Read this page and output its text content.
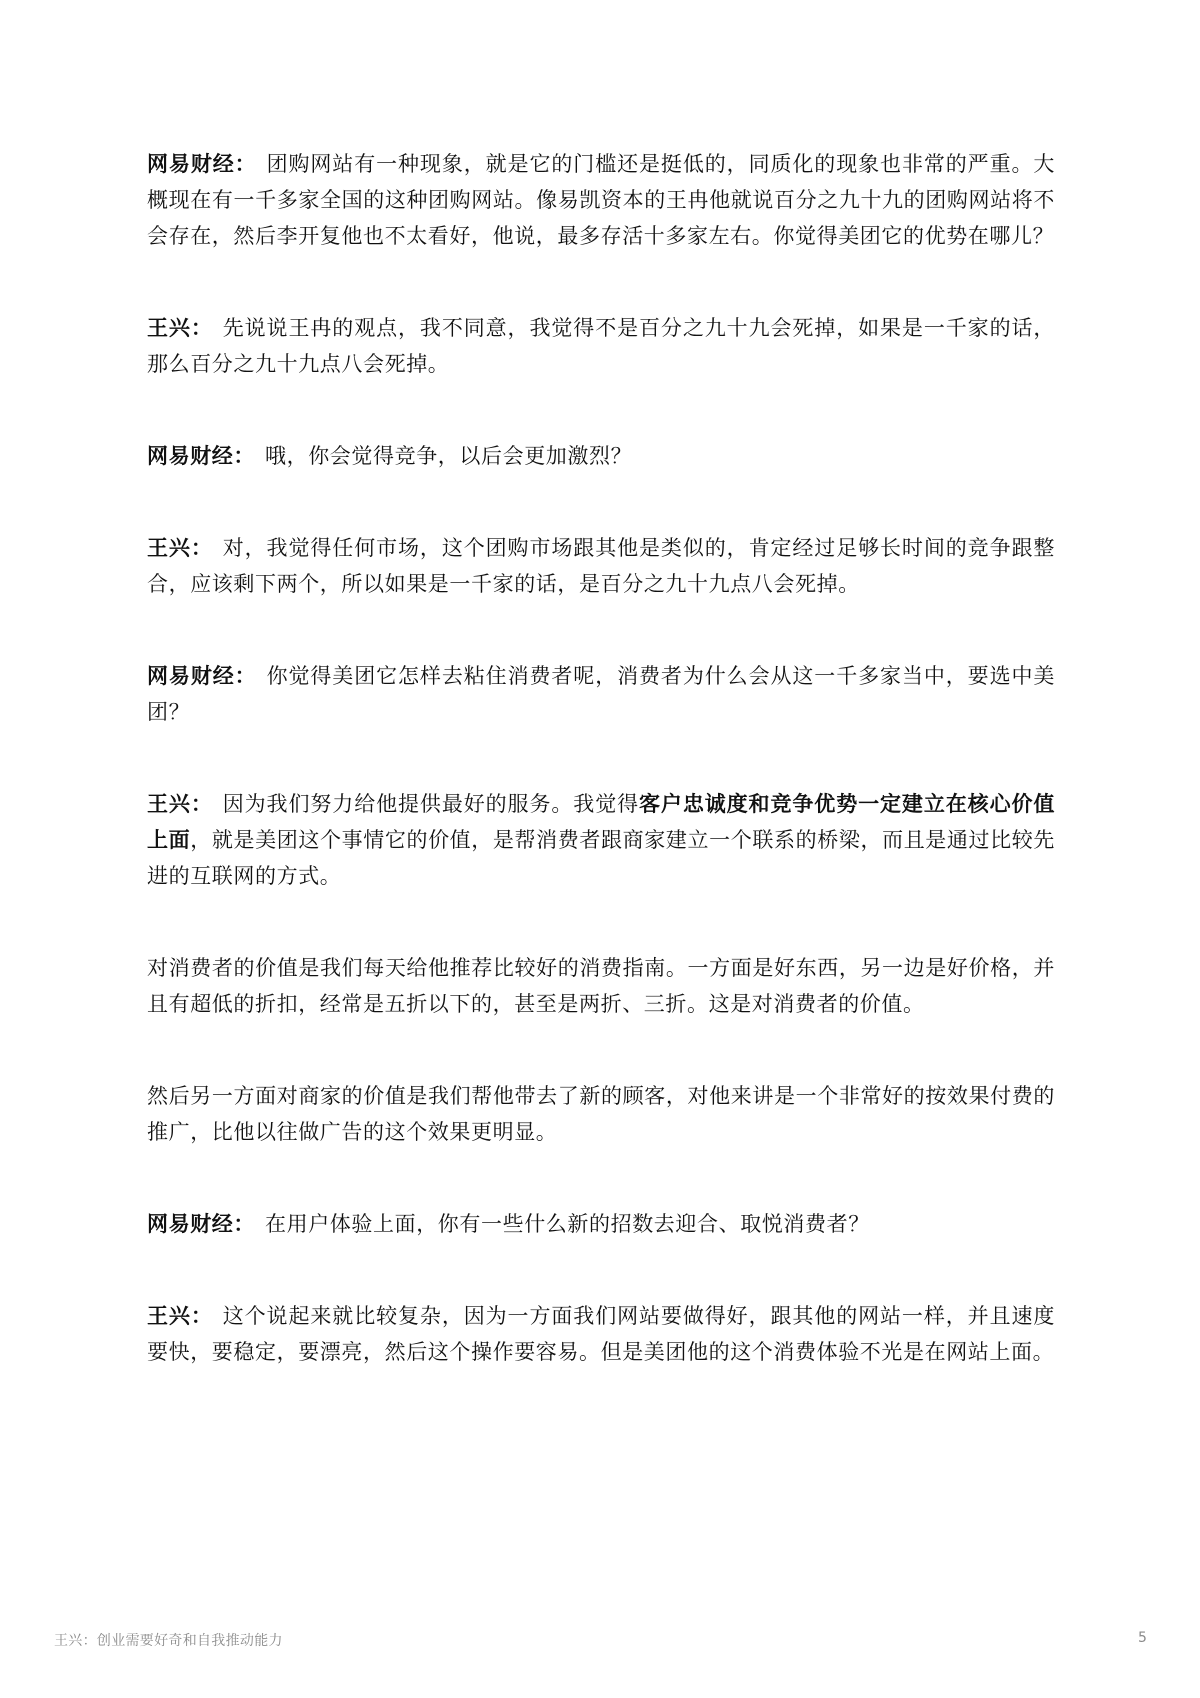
网易财经： 团购网站有一种现象，就是它的门槛还是挺低的，同质化的现象也非常的严重。大概现在有一千多家全国的这种团购网站。像易凯资本的王冉他就说百分之九十九的团购网站将不会存在，然后李开复他也不太看好，他说，最多存活十多家左右。你觉得美团它的优势在哪儿？

王兴： 先说说王冉的观点，我不同意，我觉得不是百分之九十九会死掉，如果是一千家的话，那么百分之九十九点八会死掉。

网易财经： 哦，你会觉得竞争，以后会更加激烈？

王兴： 对，我觉得任何市场，这个团购市场跟其他是类似的，肯定经过足够长时间的竞争跟整合，应该剩下两个，所以如果是一千家的话，是百分之九十九点八会死掉。

网易财经： 你觉得美团它怎样去粘住消费者呢，消费者为什么会从这一千多家当中，要选中美团？

王兴： 因为我们努力给他提供最好的服务。我觉得客户忠诚度和竞争优势一定建立在核心价值上面，就是美团这个事情它的价值，是帮消费者跟商家建立一个联系的桥梁，而且是通过比较先进的互联网的方式。

对消费者的价值是我们每天给他推荐比较好的消费指南。一方面是好东西，另一边是好价格，并且有超低的折扣，经常是五折以下的，甚至是两折、三折。这是对消费者的价值。

然后另一方面对商家的价值是我们帮他带去了新的顾客，对他来讲是一个非常好的按效果付费的推广，比他以往做广告的这个效果更明显。

网易财经： 在用户体验上面，你有一些什么新的招数去迎合、取悦消费者？

王兴： 这个说起来就比较复杂，因为一方面我们网站要做得好，跟其他的网站一样，并且速度要快，要稳定，要漂亮，然后这个操作要容易。但是美团他的这个消费体验不光是在网站上面。

王兴：创业需要好奇和自我推动能力	5
